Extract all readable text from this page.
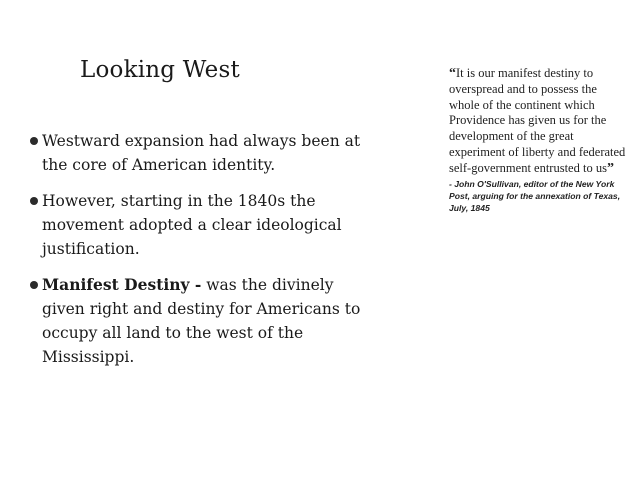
Looking West
Westward expansion had always been at the core of American identity.
However, starting in the 1840s the movement adopted a clear ideological justification.
Manifest Destiny - was the divinely given right and destiny for Americans to occupy all land to the west of the Mississippi.
“It is our manifest destiny to overspread and to possess the whole of the continent which Providence has given us for the development of the great experiment of liberty and federated self-government entrusted to us”
- John O'Sullivan, editor of the New York Post, arguing for the annexation of Texas, July, 1845
